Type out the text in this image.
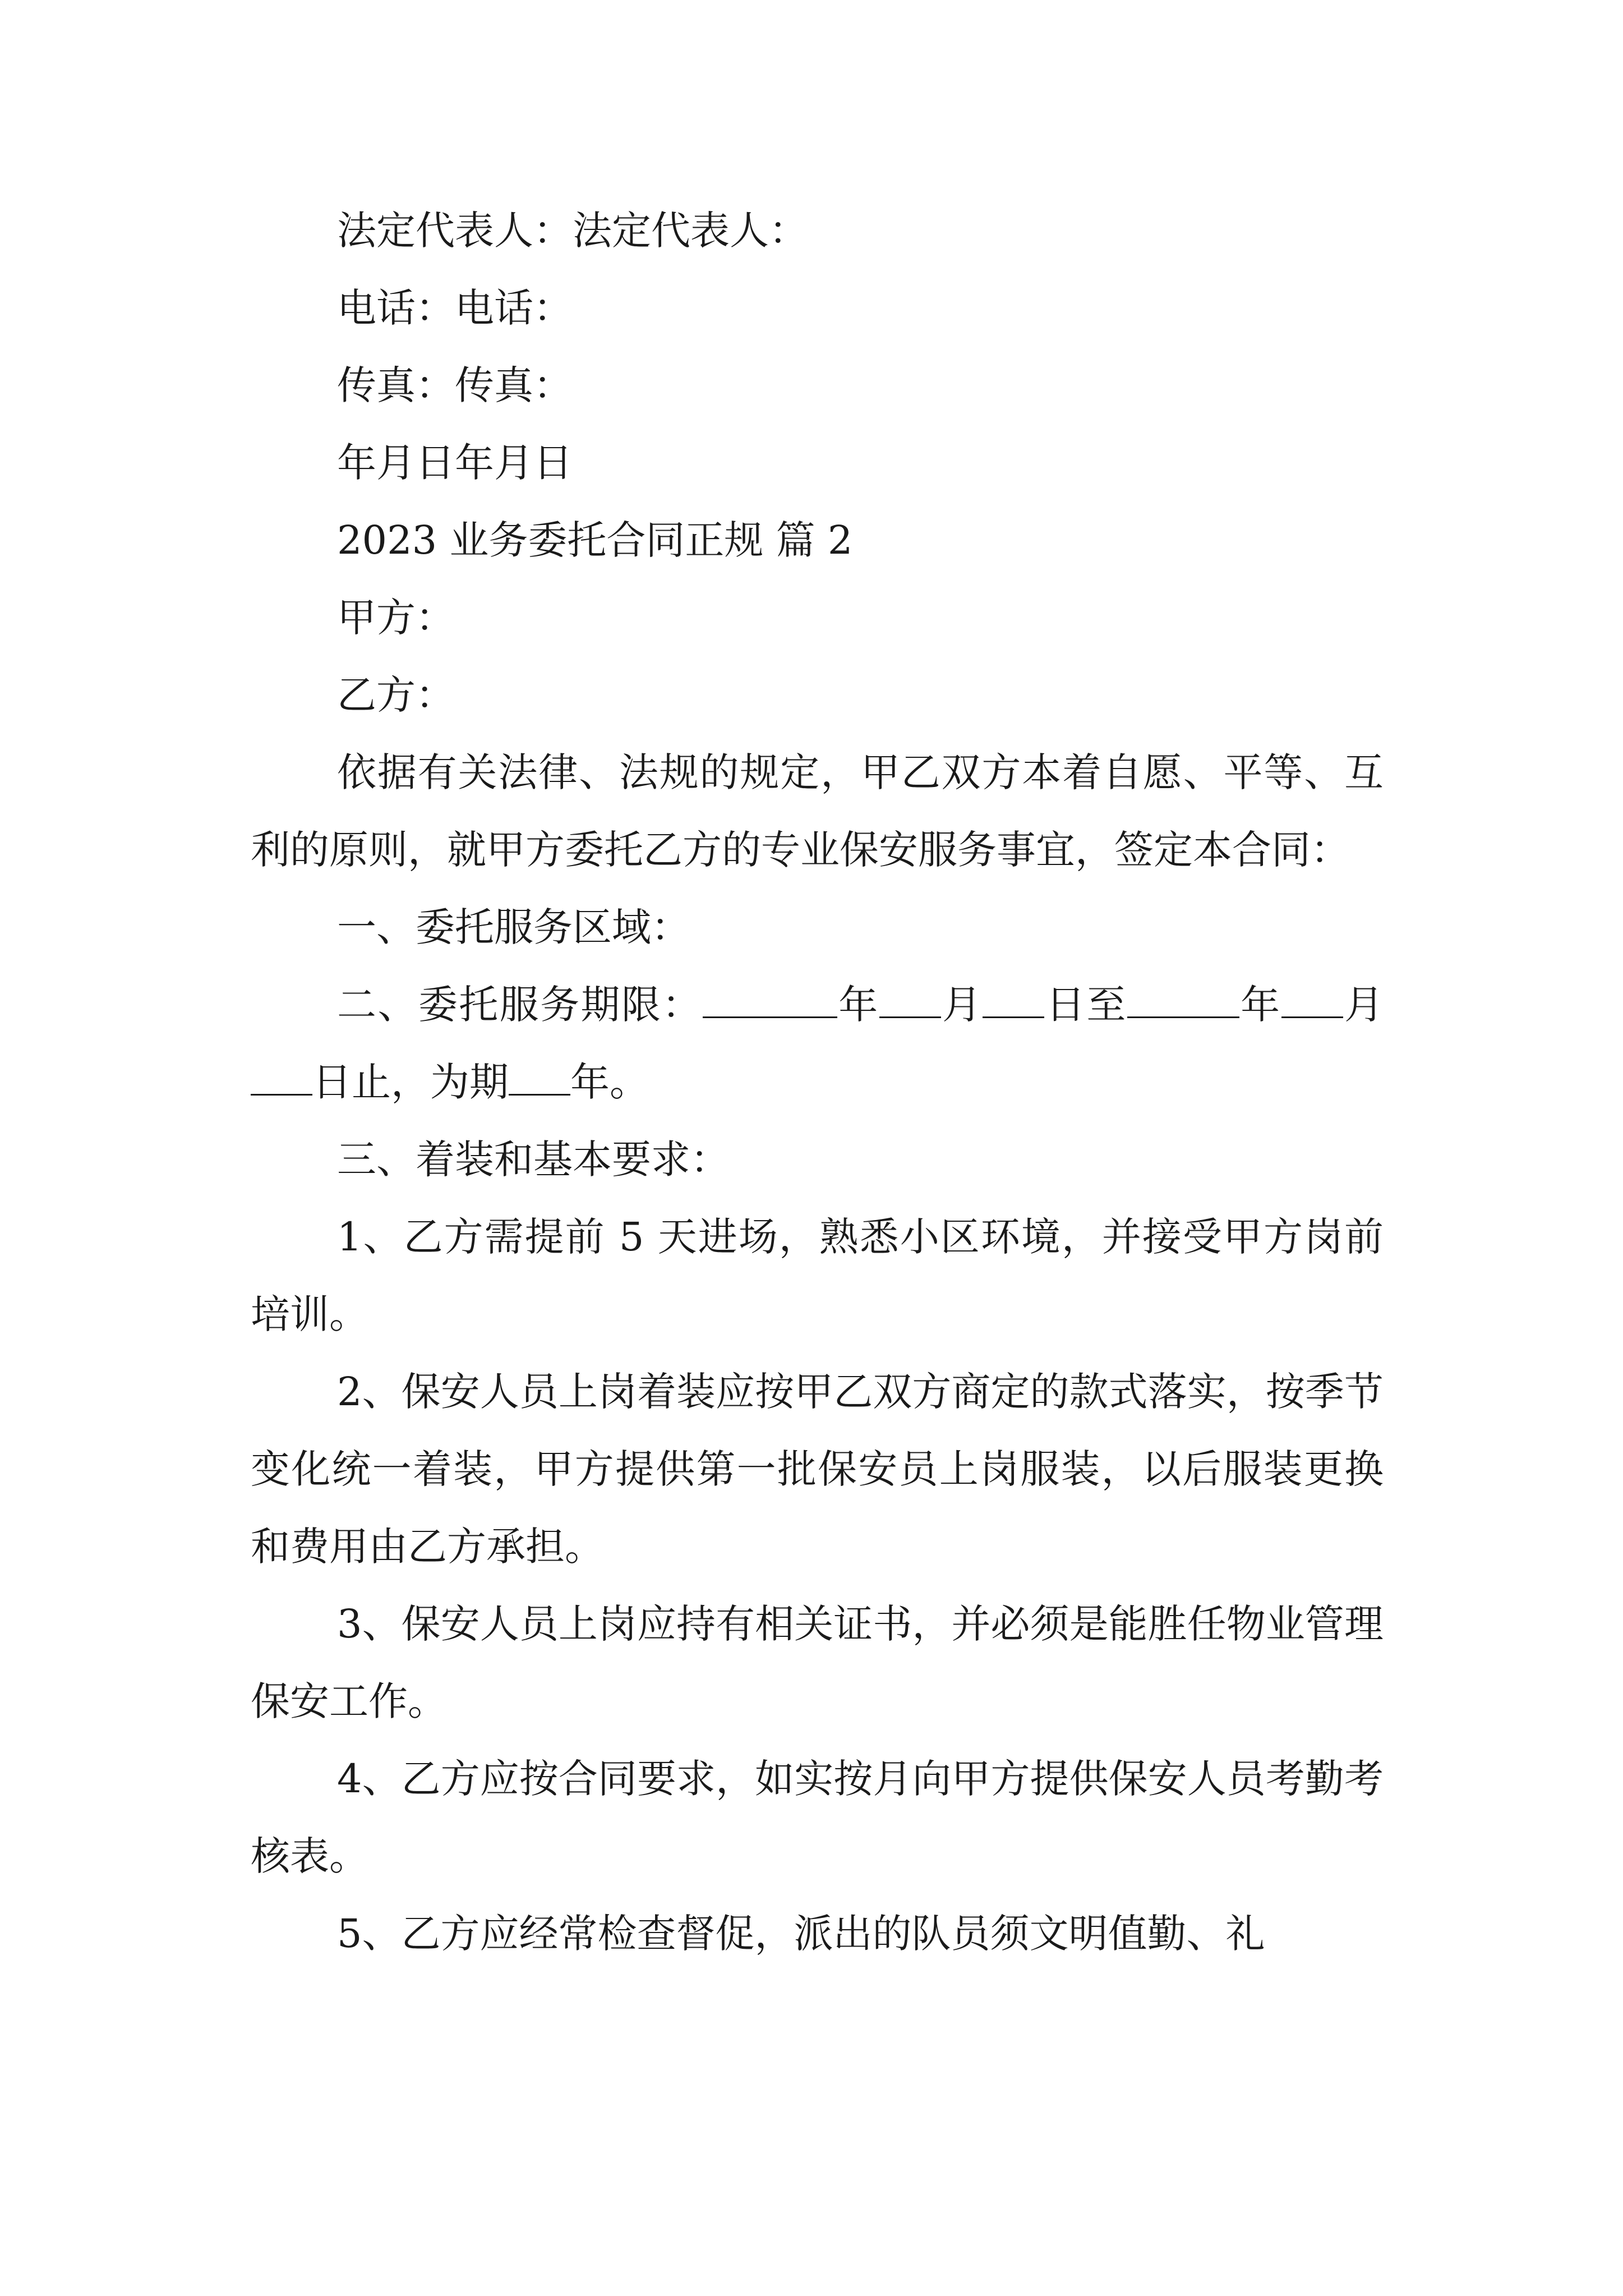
法定代表人：法定代表人：

电话：电话：

传真：传真：

年月日年月日

2023 业务委托合同正规 篇 2

甲方：

乙方：

依据有关法律、法规的规定，甲乙双方本着自愿、平等、互利的原则，就甲方委托乙方的专业保安服务事宜，签定本合同：

一、委托服务区域：

二、委托服务期限：	年 月 日至	年 月日止，为期 年。

三、着装和基本要求：

1、乙方需提前 5 天进场，熟悉小区环境，并接受甲方岗前培训。

2、保安人员上岗着装应按甲乙双方商定的款式落实，按季节变化统一着装，甲方提供第一批保安员上岗服装，以后服装更换和费用由乙方承担。

3、保安人员上岗应持有相关证书，并必须是能胜任物业管理保安工作。

4、乙方应按合同要求，如实按月向甲方提供保安人员考勤考核表。

5、乙方应经常检查督促，派出的队员须文明值勤、礼
